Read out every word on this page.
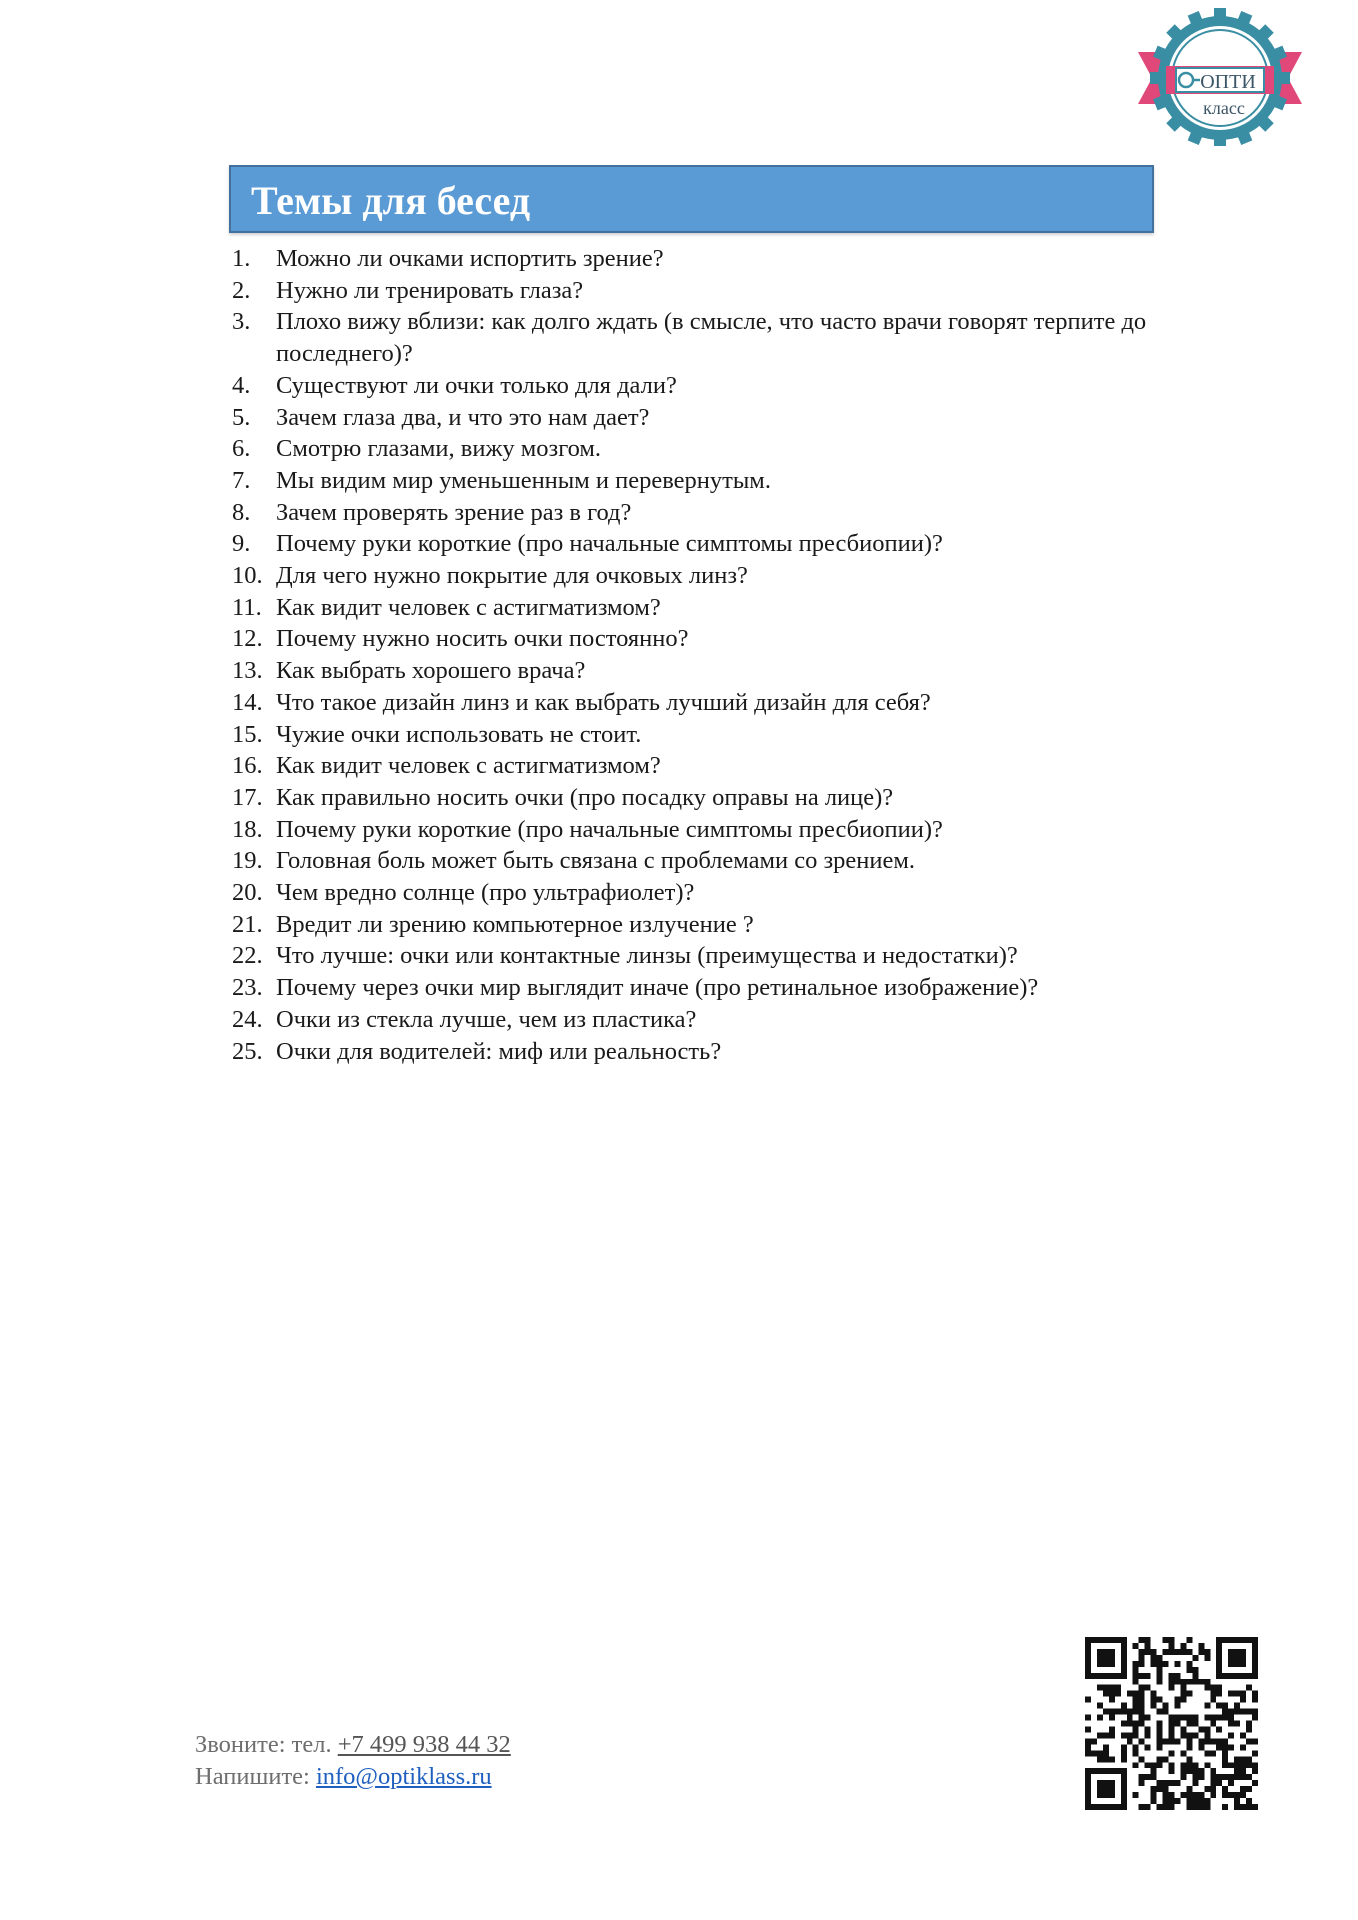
ОПТИ
класс
Темы для бесед
1. Можно ли очками испортить зрение?
2. Нужно ли тренировать глаза?
3. Плохо вижу вблизи: как долго ждать (в смысле, что часто врачи говорят терпите до последнего)?
4. Существуют ли очки только для дали?
5. Зачем глаза два, и что это нам дает?
6. Смотрю глазами, вижу мозгом.
7. Мы видим мир уменьшенным и перевернутым.
8. Зачем проверять зрение раз в год?
9. Почему руки короткие (про начальные симптомы пресбиопии)?
10. Для чего нужно покрытие для очковых линз?
11. Как видит человек с астигматизмом?
12. Почему нужно носить очки постоянно?
13. Как выбрать хорошего врача?
14. Что такое дизайн линз и как выбрать лучший дизайн для себя?
15. Чужие очки использовать не стоит.
16. Как видит человек с астигматизмом?
17. Как правильно носить очки (про посадку оправы на лице)?
18. Почему руки короткие (про начальные симптомы пресбиопии)?
19. Головная боль может быть связана с проблемами со зрением.
20. Чем вредно солнце (про ультрафиолет)?
21. Вредит ли зрению компьютерное излучение ?
22. Что лучше: очки или контактные линзы (преимущества и недостатки)?
23. Почему через очки мир выглядит иначе (про ретинальное изображение)?
24. Очки из стекла лучше, чем из пластика?
25. Очки для водителей: миф или реальность?
Звоните: тел. +7 499 938 44 32
Напишите: info@optiklass.ru
